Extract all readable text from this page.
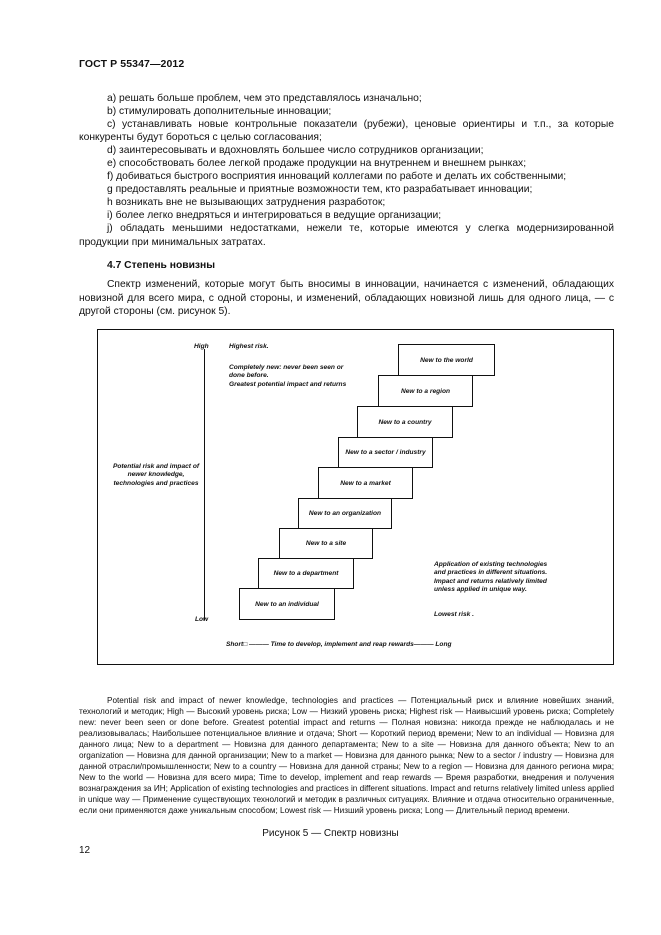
ГОСТ Р 55347—2012

а) решать больше проблем, чем это представлялось изначально;

b) стимулировать дополнительные инновации;

с) устанавливать новые контрольные показатели (рубежи), ценовые ориентиры и т.п., за которые конкуренты будут бороться с целью согласования;

d) заинтересовывать и вдохновлять большее число сотрудников организации;

е) способствовать более легкой продаже продукции на внутреннем и внешнем рынках;

f) добиваться быстрого восприятия инноваций коллегами по работе и делать их собственными;

g предоставлять реальные и приятные возможности тем, кто разрабатывает инновации;

h возникать вне не вызывающих затруднения разработок;

i) более легко внедряться и интегрироваться в ведущие организации;

j) обладать меньшими недостатками, нежели те, которые имеются у слегка модернизированной продукции при минимальных затратах.

4.7 Степень новизны

Спектр изменений, которые могут быть вносимы в инновации, начинается с изменений, обладающих новизной для всего мира, с одной стороны, и изменений, обладающих новизной лишь для одного лица, — с другой стороны (см. рисунок 5).

High
Low
Potential risk and impact of newer knowledge, technologies and practices
Highest risk.
Completely new: never been seen or done before.
Greatest potential impact and returns
Application of existing technologies and practices in different situations. Impact and returns relatively limited unless applied in unique way.
Lowest risk .
Short□ ——— Time to develop, implement and reap rewards——— Long
New to an individual
New to a department
New to a site
New to an organization
New to a market
New to a sector / industry
New to a country
New to a region
New to the world

Potential risk and impact of newer knowledge, technologies and practices — Потенциальный риск и влияние новейших знаний, технологий и методик; High — Высокий уровень риска; Low — Низкий уровень риска; Highest risk — Наивысший уровень риска; Completely new: never been seen or done before. Greatest potential impact and returns — Полная новизна: никогда прежде не наблюдалась и не реализовывалась; Наибольшее потенциальное влияние и отдача; Short — Короткий период времени; New to an individual — Новизна для данного лица; New to a department — Новизна для данного департамента; New to a site — Новизна для данного объекта; New to an organization — Новизна для данной организации; New to a market — Новизна для данного рынка; New to a sector / industry — Новизна для данной отрасли/промышленности; New to a country — Новизна для данной страны; New to a region — Новизна для данного региона мира; New to the world — Новизна для всего мира; Time to develop, implement and reap rewards — Время разработки, внедрения и получения вознаграждения за ИН; Application of existing technologies and practices in different situations. Impact and returns relatively limited unless applied in unique way — Применение существующих технологий и методик в различных ситуациях. Влияние и отдача относительно ограниченные, если они применяются даже уникальным способом; Lowest risk — Низший уровень риска; Long — Длительный период времени.

Рисунок 5 — Спектр новизны
12
